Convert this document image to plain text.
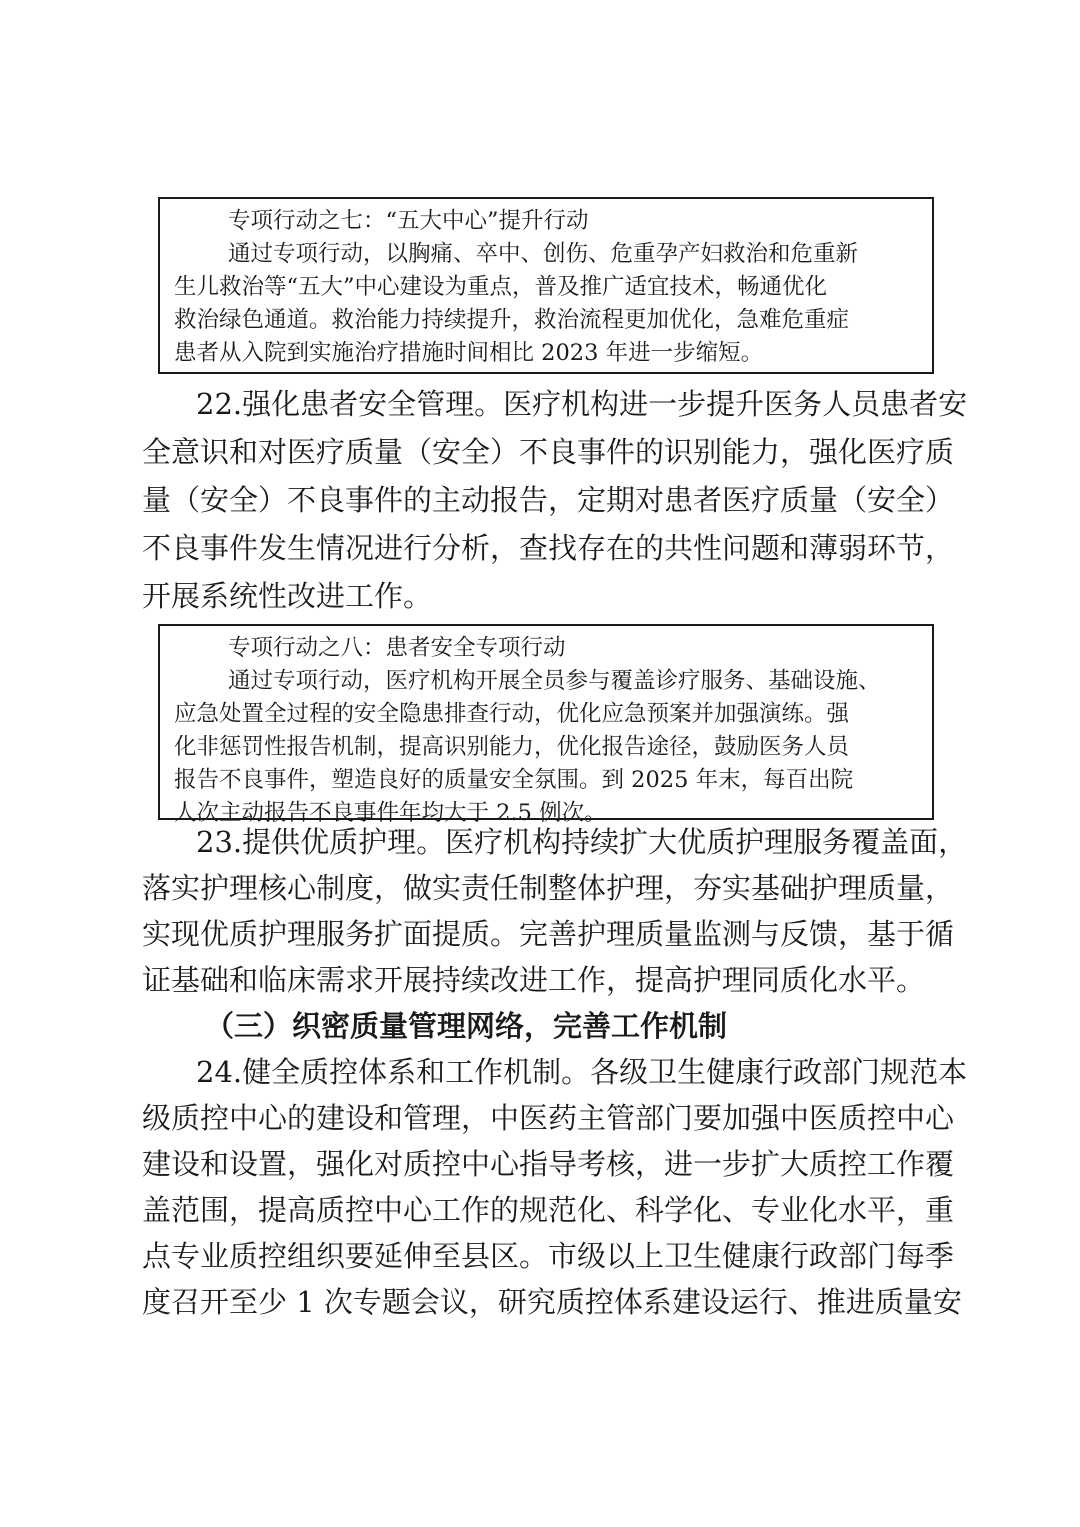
专项行动之七：“五大中心”提升行动
通过专项行动，以胸痛、卒中、创伤、危重孕产妇救治和危重新
生儿救治等“五大”中心建设为重点，普及推广适宜技术，畅通优化
救治绿色通道。救治能力持续提升，救治流程更加优化，急难危重症
患者从入院到实施治疗措施时间相比 2023 年进一步缩短。
22.强化患者安全管理。医疗机构进一步提升医务人员患者安
全意识和对医疗质量（安全）不良事件的识别能力，强化医疗质
量（安全）不良事件的主动报告，定期对患者医疗质量（安全）
不良事件发生情况进行分析，查找存在的共性问题和薄弱环节，
开展系统性改进工作。
专项行动之八：患者安全专项行动
通过专项行动，医疗机构开展全员参与覆盖诊疗服务、基础设施、
应急处置全过程的安全隐患排查行动，优化应急预案并加强演练。强
化非惩罚性报告机制，提高识别能力，优化报告途径，鼓励医务人员
报告不良事件，塑造良好的质量安全氛围。到 2025 年末，每百出院
人次主动报告不良事件年均大于 2.5 例次。
23.提供优质护理。医疗机构持续扩大优质护理服务覆盖面，
落实护理核心制度，做实责任制整体护理，夯实基础护理质量，
实现优质护理服务扩面提质。完善护理质量监测与反馈，基于循
证基础和临床需求开展持续改进工作，提高护理同质化水平。
（三）织密质量管理网络，完善工作机制
24.健全质控体系和工作机制。各级卫生健康行政部门规范本
级质控中心的建设和管理，中医药主管部门要加强中医质控中心
建设和设置，强化对质控中心指导考核，进一步扩大质控工作覆
盖范围，提高质控中心工作的规范化、科学化、专业化水平，重
点专业质控组织要延伸至县区。市级以上卫生健康行政部门每季
度召开至少 1 次专题会议，研究质控体系建设运行、推进质量安
